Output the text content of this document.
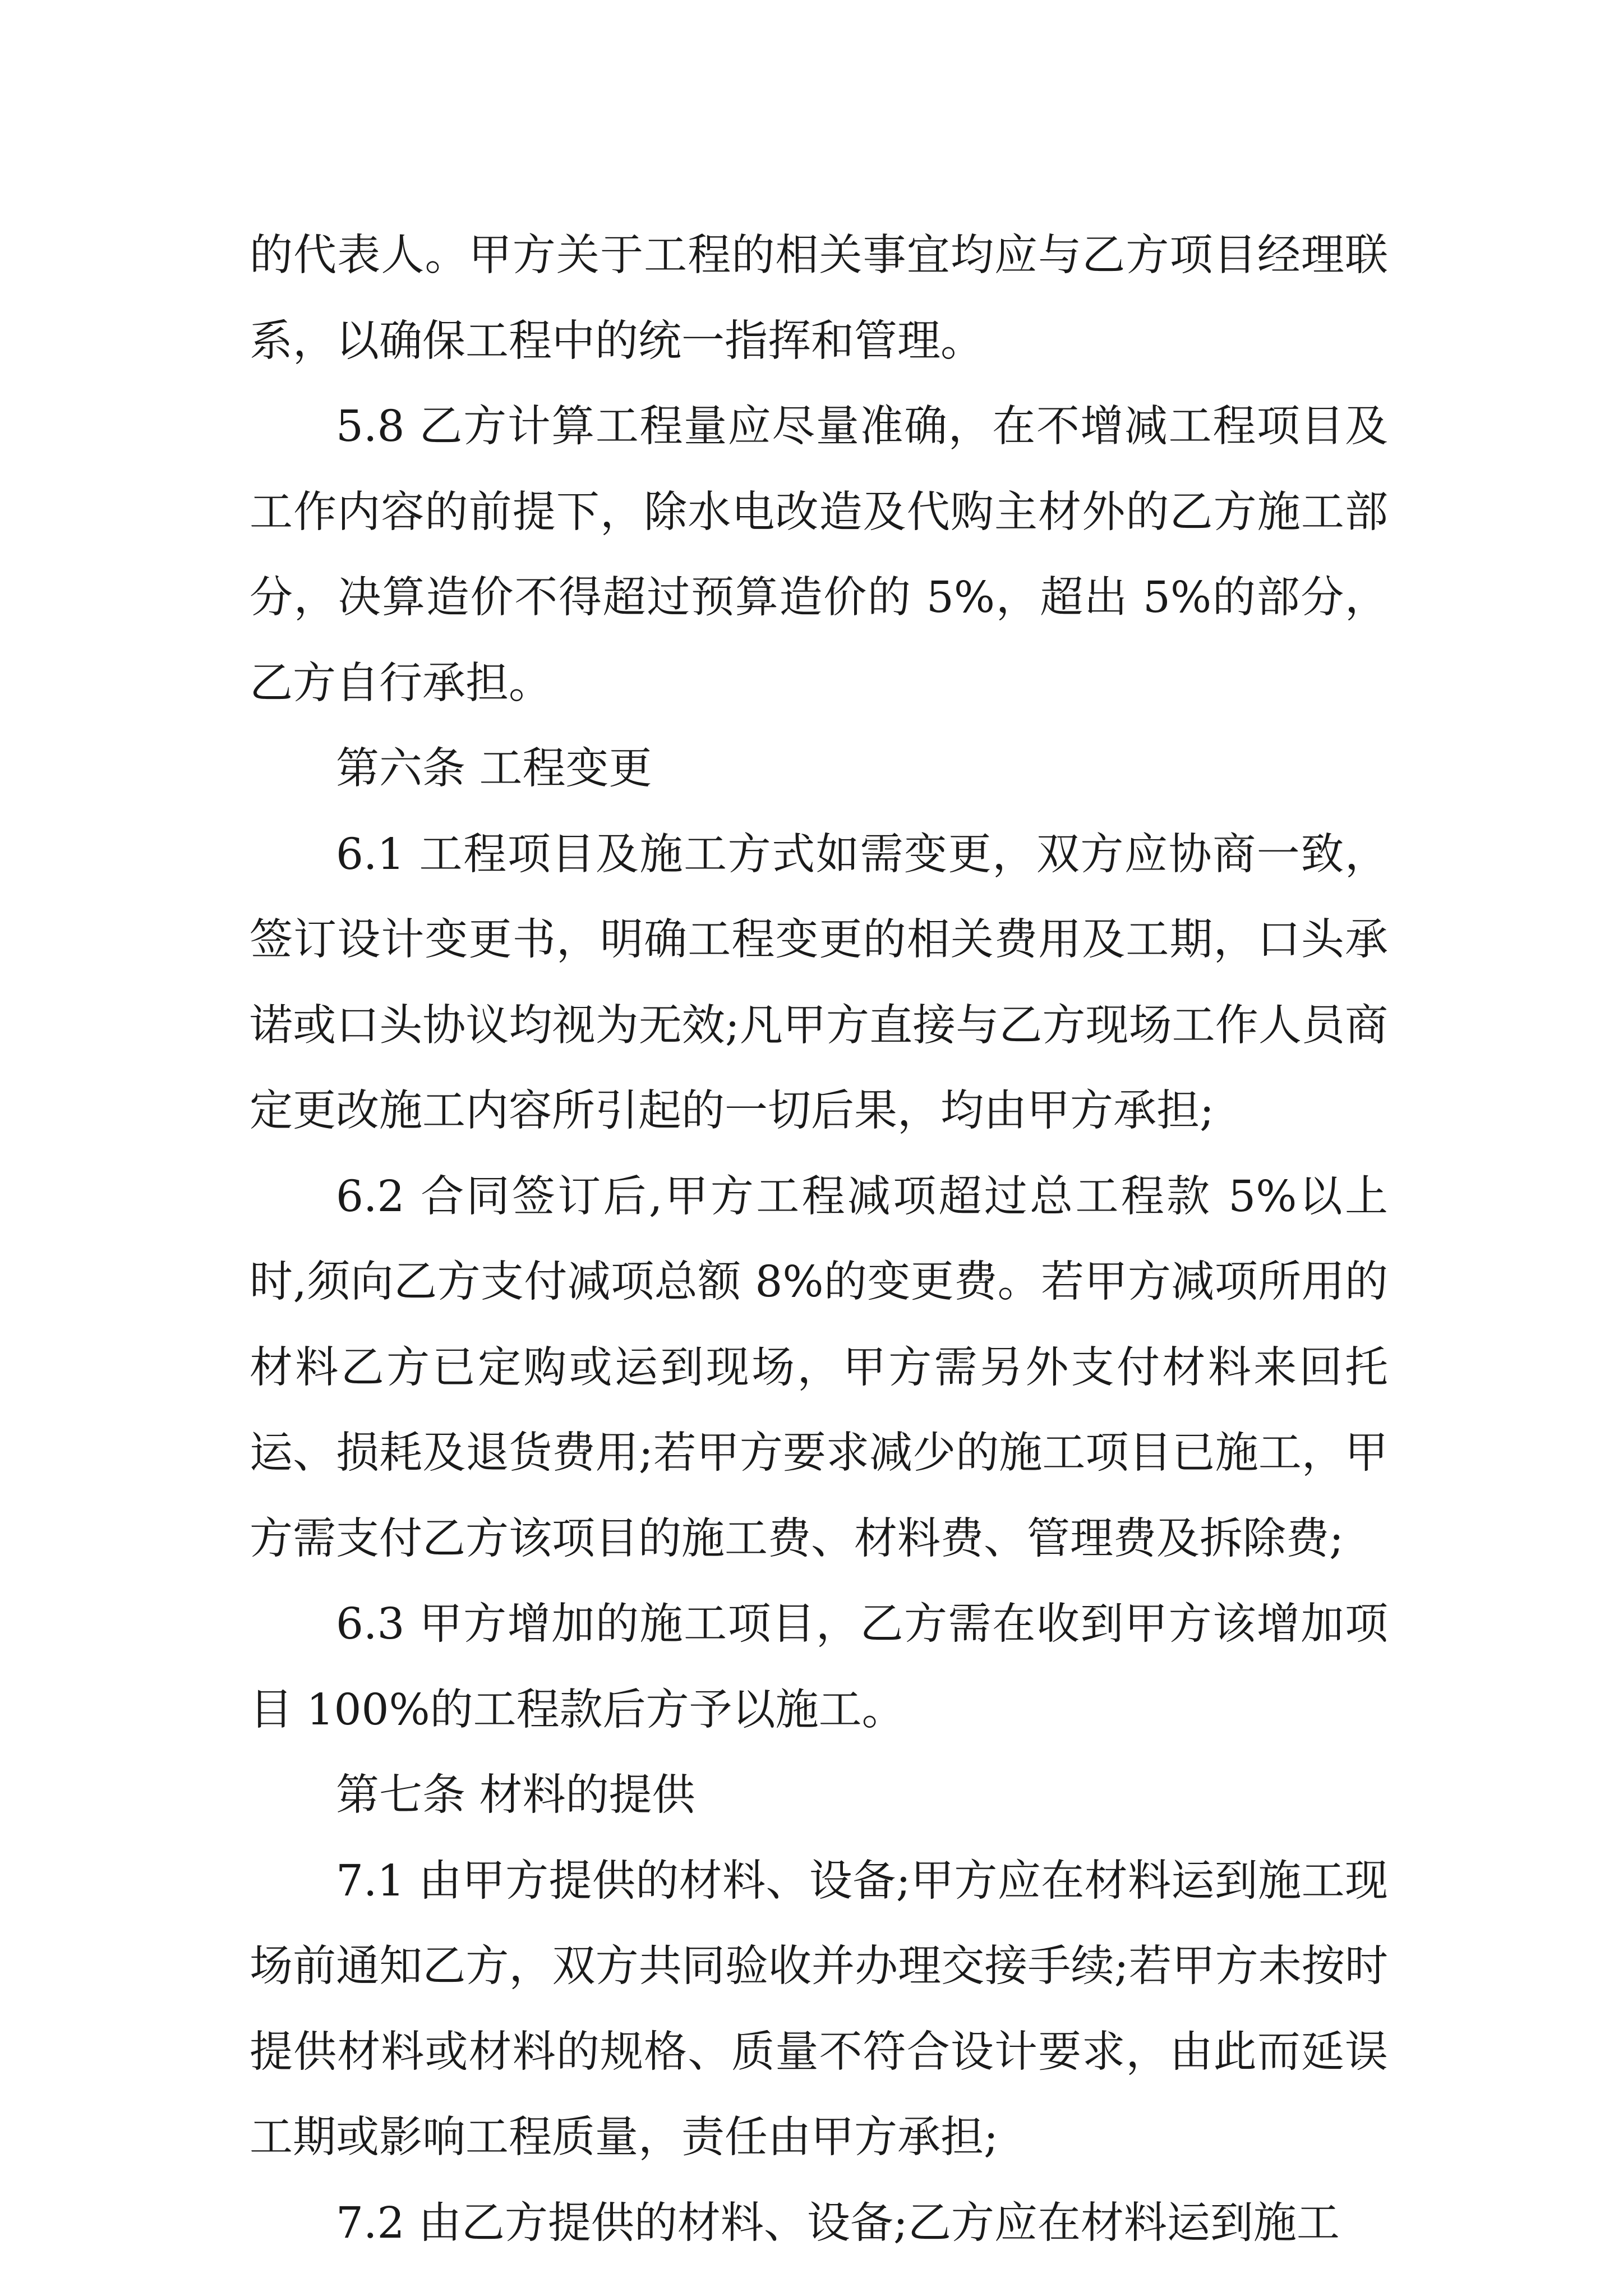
的代表人。甲方关于工程的相关事宜均应与乙方项目经理联系，以确保工程中的统一指挥和管理。

5.8 乙方计算工程量应尽量准确，在不增减工程项目及工作内容的前提下，除水电改造及代购主材外的乙方施工部分，决算造价不得超过预算造价的 5%，超出 5%的部分，乙方自行承担。

第六条 工程变更

6.1 工程项目及施工方式如需变更，双方应协商一致，签订设计变更书，明确工程变更的相关费用及工期，口头承诺或口头协议均视为无效;凡甲方直接与乙方现场工作人员商定更改施工内容所引起的一切后果，均由甲方承担;

6.2 合同签订后,甲方工程减项超过总工程款 5%以上时,须向乙方支付减项总额 8%的变更费。若甲方减项所用的材料乙方已定购或运到现场，甲方需另外支付材料来回托运、损耗及退货费用;若甲方要求减少的施工项目已施工，甲方需支付乙方该项目的施工费、材料费、管理费及拆除费;

6.3 甲方增加的施工项目，乙方需在收到甲方该增加项目 100%的工程款后方予以施工。

第七条 材料的提供

7.1 由甲方提供的材料、设备;甲方应在材料运到施工现场前通知乙方，双方共同验收并办理交接手续;若甲方未按时提供材料或材料的规格、质量不符合设计要求，由此而延误工期或影响工程质量，责任由甲方承担;

7.2 由乙方提供的材料、设备;乙方应在材料运到施工
